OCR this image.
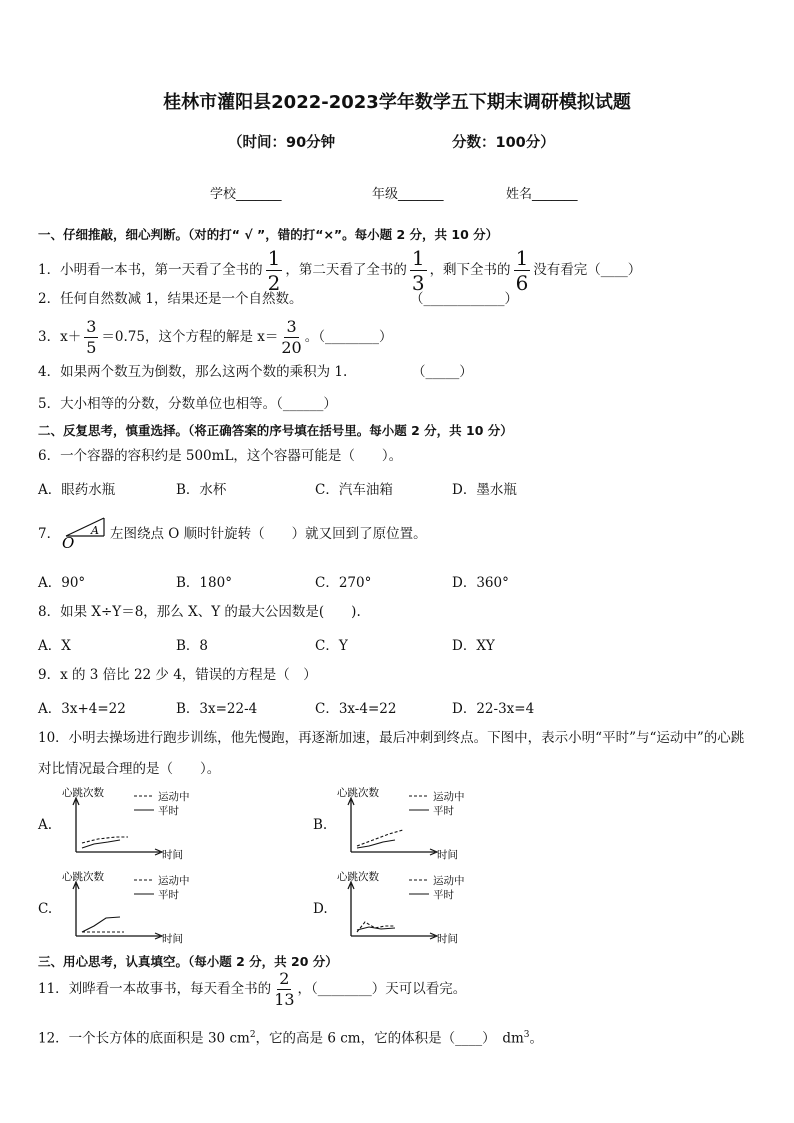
桂林市灌阳县2022-2023学年数学五下期末调研模拟试题
（时间：90分钟	分数：100分）
学校_______	年级_______	姓名_______
一、仔细推敲，细心判断。（对的打“ √ ”，错的打“×”。每小题 2 分，共 10 分）
1．小明看一本书，第一天看了全书的 $\frac{1}{2}$ ，第二天看了全书的 $\frac{1}{3}$ ，剩下全书的 $\frac{1}{6}$ 没有看完（____）
2．任何自然数减 1，结果还是一个自然数。	（____________）
3．$x+ \frac{3}{5} =0.75$，这个方程的解是 $x= \frac{3}{20}$ 。（________）
4．如果两个数互为倒数，那么这两个数的乘积为 1.	（_____）
5．大小相等的分数，分数单位也相等。（______）
二、反复思考，慎重选择。（将正确答案的序号填在括号里。每小题 2 分，共 10 分）
6．一个容器的容积约是 500mL，这个容器可能是（　　）。
A．眼药水瓶	B．水杯	C．汽车油箱	D．墨水瓶
7． O
A 左图绕点 O 顺时针旋转（　　）就又回到了原位置。
A．90°	B．180°	C．270°	D．360°
8．如果 X÷Y＝8，那么 X、Y 的最大公因数是(　　).
A．X	B．8	C．Y	D．XY
9．x 的 3 倍比 22 少 4，错误的方程是（　）
A．3x+4=22	B．3x=22-4	C．3x-4=22	D．22-3x=4
10．小明去操场进行跑步训练，他先慢跑，再逐渐加速，最后冲刺到终点。下图中，表示小明“平时”与“运动中”的心跳
对比情况最合理的是（　　）。
A.	B.
C.	D.
心跳次数
时间
运动中
平时
心跳次数
时间
运动中
平时
心跳次数
时间
运动中
平时
心跳次数
时间
运动中
平时
三、用心思考，认真填空。（每小题 2 分，共 20 分）
11．刘晔看一本故事书，每天看全书的 $\frac{2}{13}$ ，（________）天可以看完。
12．一个长方体的底面积是 30 $cm^2$，它的高是 6 cm，它的体积是（____）　$dm^3$。
